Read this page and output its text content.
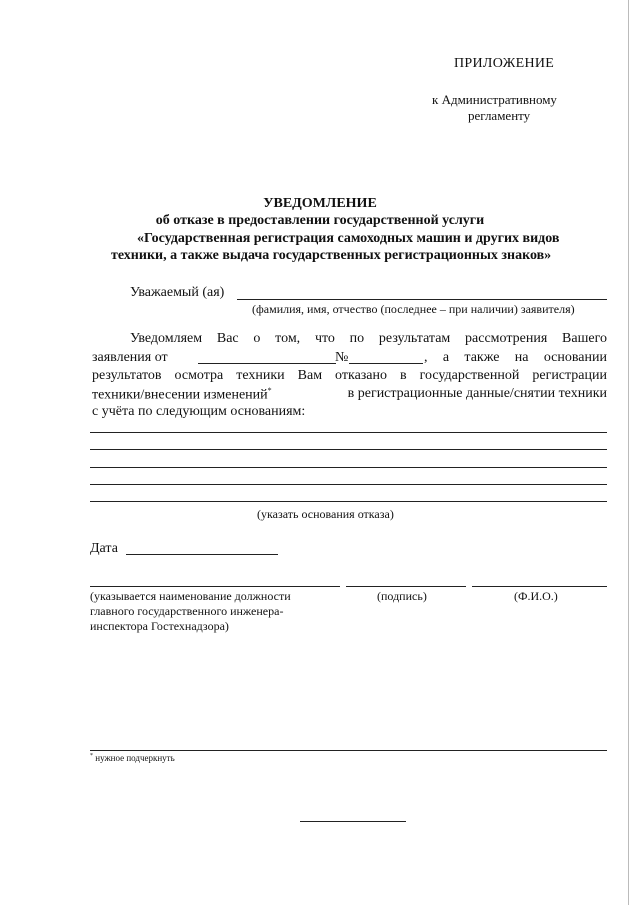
ПРИЛОЖЕНИЕ
к Административному
регламенту
УВЕДОМЛЕНИЕ
об отказе в предоставлении государственной услуги
«Государственная регистрация самоходных машин и других видов
техники, а также выдача государственных регистрационных знаков»
Уважаемый (ая)
(фамилия, имя, отчество (последнее – при наличии) заявителя)
Уведомляем Вас о том, что по результатам рассмотрения Вашего
заявления от	№	, а также на основании
результатов осмотра техники Вам отказано в государственной регистрации
техники/внесении изменений*	в регистрационные данные/снятии техники
с учёта по следующим основаниям:
(указать основания отказа)
Дата
(указывается наименование должности
главного государственного инженера-
инспектора Гостехнадзора)
(подпись)	(Ф.И.О.)
* нужное подчеркнуть
